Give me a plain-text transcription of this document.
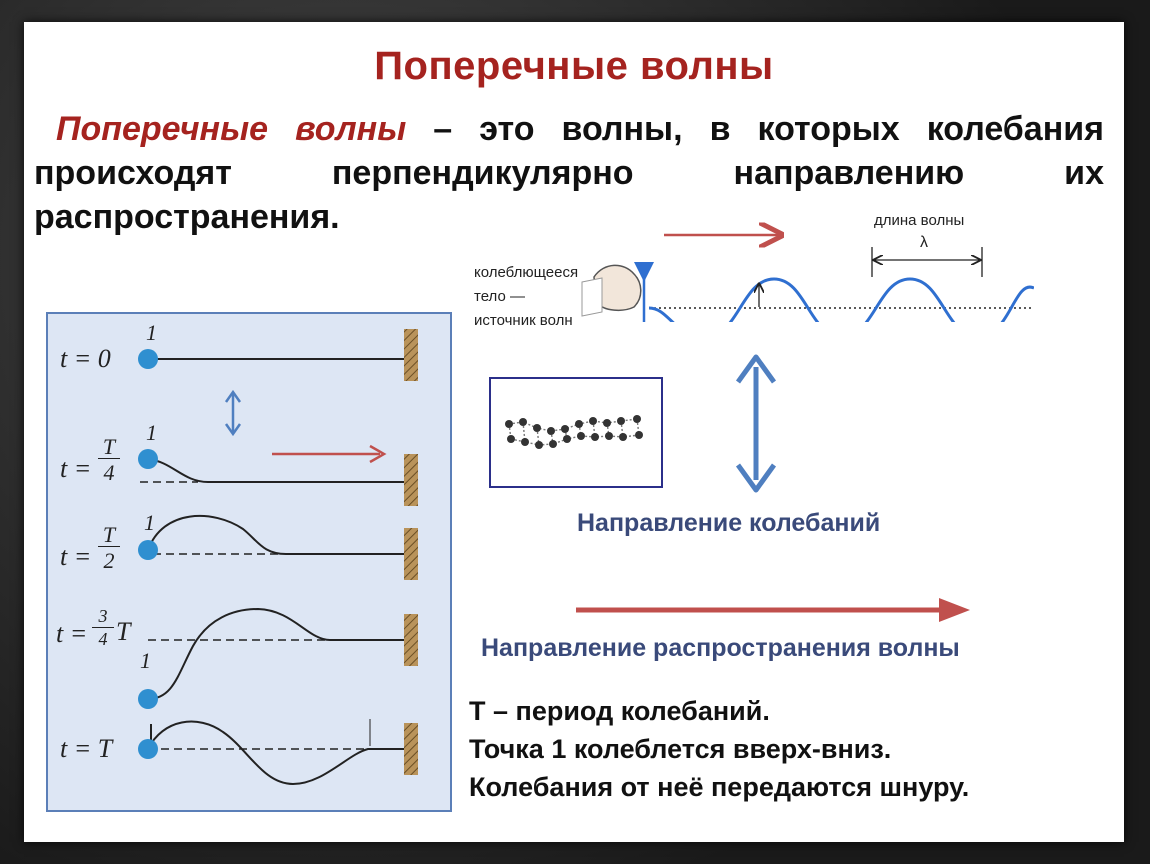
Поперечные волны
Поперечные волны – это волны, в которых колебания происходят перпендикулярно направлению их распространения.
колеблющееся
тело —
источник волн
длина волны
λ
Направление колебаний
Направление распространения волны
t = 0
t =
T
4
t =
T
2
t =
3
4 T
t = T
1
1
1
1
Т – период колебаний.
Точка 1 колеблется вверх-вниз.
Колебания от неё передаются шнуру.
